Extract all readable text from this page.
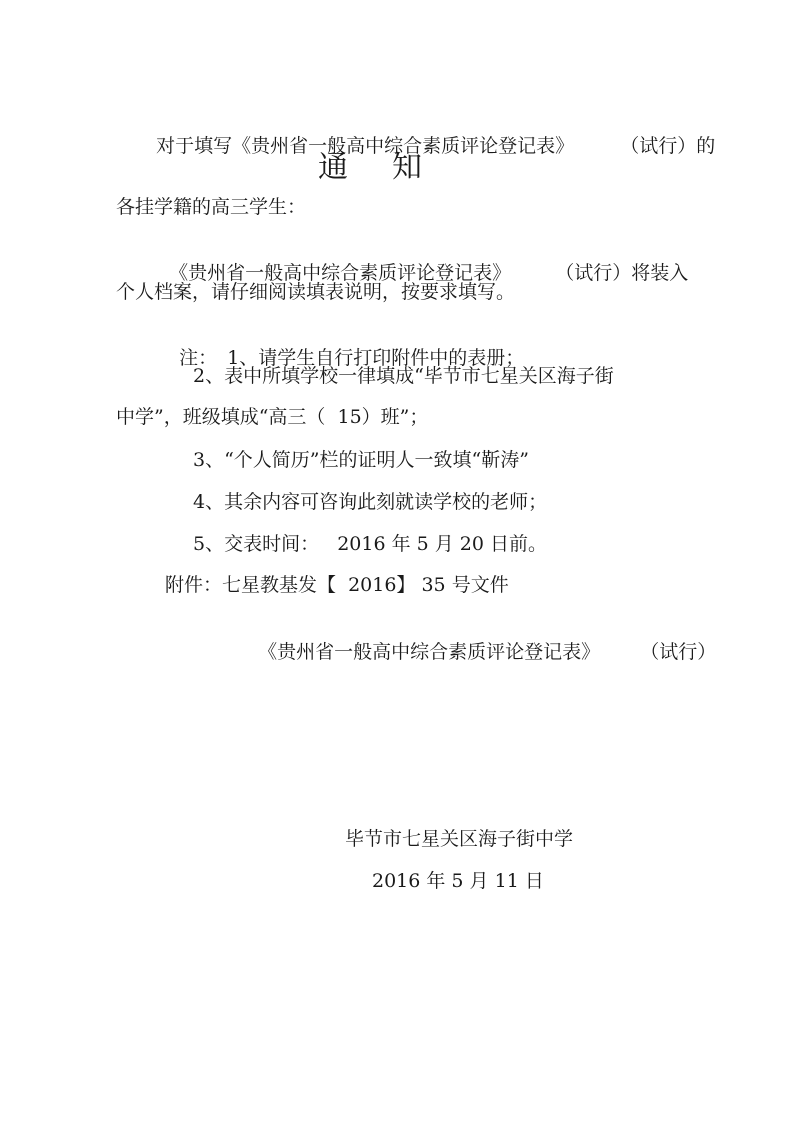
对于填写《贵州省一般高中综合素质评论登记表》 （试行）的

通 知
各挂学籍的高三学生：

《贵州省一般高中综合素质评论登记表》 （试行）将装入

个人档案，请仔细阅读填表说明，按要求填写。

注： 1、请学生自行打印附件中的表册；

2、表中所填学校一律填成“毕节市七星关区海子街
中学”，班级填成“高三（  15）班”；
3、“个人简历”栏的证明人一致填“靳涛”
4、其余内容可咨询此刻就读学校的老师；
5、交表时间：   2016 年 5 月 20 日前。
附件：七星教基发【  2016】 35 号文件

《贵州省一般高中综合素质评论登记表》 （试行）

毕节市七星关区海子街中学
2016 年 5 月 11 日
